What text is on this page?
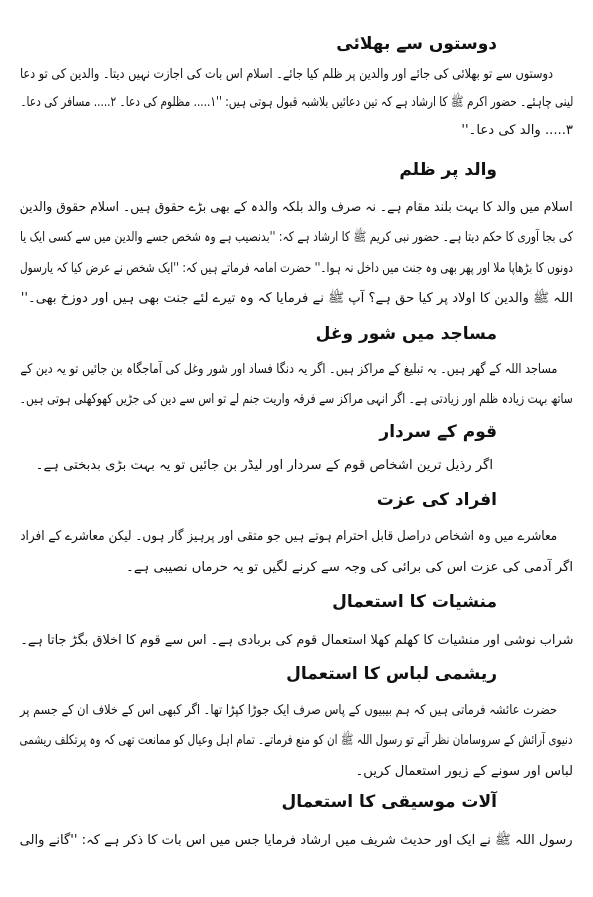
دوستوں سے بھلائی
دوستوں سے تو بھلائی کی جائے اور والدین پر ظلم کیا جائے۔ اسلام اس بات کی اجازت نہیں دیتا۔ والدین کی تو دعا
لینی چاہئے۔ حضور اکرم ﷺ کا ارشاد ہے کہ تین دعائیں بلاشبہ قبول ہوتی ہیں: ''۱..... مظلوم کی دعا۔ ۲..... مسافر کی دعا۔
۳..... والد کی دعا۔''
والد پر ظلم
اسلام میں والد کا بہت بلند مقام ہے۔ نہ صرف والد بلکہ والدہ کے بھی بڑے حقوق ہیں۔ اسلام حقوق والدین
کی بجا آوری کا حکم دیتا ہے۔ حضور نبی کریم ﷺ کا ارشاد ہے کہ: ''بدنصیب ہے وہ شخص جسے والدین میں سے کسی ایک یا
دونوں کا بڑھاپا ملا اور پھر بھی وہ جنت میں داخل نہ ہوا۔'' حضرت امامہ فرماتے ہیں کہ: ''ایک شخص نے عرض کیا کہ یارسول
اللہ ﷺ والدین کا اولاد پر کیا حق ہے؟ آپ ﷺ نے فرمایا کہ وہ تیرے لئے جنت بھی ہیں اور دوزخ بھی۔''
مساجد میں شور وغل
مساجد اللہ کے گھر ہیں۔ یہ تبلیغ کے مراکز ہیں۔ اگر یہ دنگا فساد اور شور وغل کی آماجگاہ بن جائیں تو یہ دین کے
ساتھ بہت زیادہ ظلم اور زیادتی ہے۔ اگر انہی مراکز سے فرقہ واریت جنم لے تو اس سے دین کی جڑیں کھوکھلی ہوتی ہیں۔
قوم کے سردار
اگر رذیل ترین اشخاص قوم کے سردار اور لیڈر بن جائیں تو یہ بہت بڑی بدبختی ہے۔
افراد کی عزت
معاشرے میں وہ اشخاص دراصل قابل احترام ہوتے ہیں جو متقی اور پرہیز گار ہوں۔ لیکن معاشرے کے افراد
اگر آدمی کی عزت اس کی برائی کی وجہ سے کرنے لگیں تو یہ حرماں نصیبی ہے۔
منشیات کا استعمال
شراب نوشی اور منشیات کا کھلم کھلا استعمال قوم کی بربادی ہے۔ اس سے قوم کا اخلاق بگڑ جاتا ہے۔
ریشمی لباس کا استعمال
حضرت عائشہ فرماتی ہیں کہ ہم بیبیوں کے پاس صرف ایک جوڑا کپڑا تھا۔ اگر کبھی اس کے خلاف ان کے جسم پر
دنیوی آرائش کے سروسامان نظر آتے تو رسول اللہ ﷺ ان کو منع فرماتے۔ تمام اہل وعیال کو ممانعت تھی کہ وہ پرتکلف ریشمی
لباس اور سونے کے زیور استعمال کریں۔
آلات موسیقی کا استعمال
رسول اللہ ﷺ نے ایک اور حدیث شریف میں ارشاد فرمایا جس میں اس بات کا ذکر ہے کہ: ''گانے والی
